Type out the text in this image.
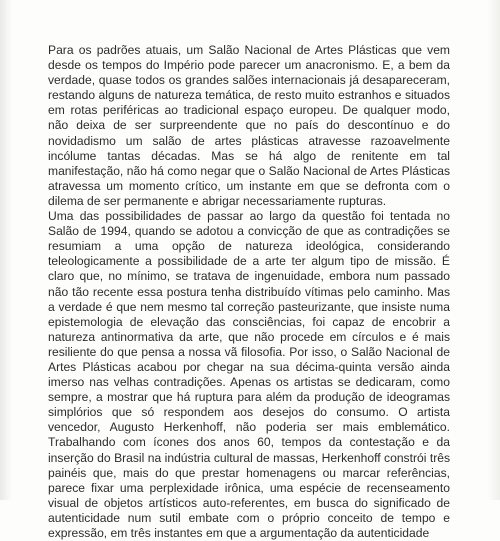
Para os padrões atuais, um Salão Nacional de Artes Plásticas que vem desde os tempos do Império pode parecer um anacronismo. E, a bem da verdade, quase todos os grandes salões internacionais já desapareceram, restando alguns de natureza temática, de resto muito estranhos e situados em rotas periféricas ao tradicional espaço europeu. De qualquer modo, não deixa de ser surpreendente que no país do descontínuo e do novidadismo um salão de artes plásticas atravesse razoavelmente incólume tantas décadas. Mas se há algo de renitente em tal manifestação, não há como negar que o Salão Nacional de Artes Plásticas atravessa um momento crítico, um instante em que se defronta com o dilema de ser permanente e abrigar necessariamente rupturas.

Uma das possibilidades de passar ao largo da questão foi tentada no Salão de 1994, quando se adotou a convicção de que as contradições se resumiam a uma opção de natureza ideológica, considerando teleologicamente a possibilidade de a arte ter algum tipo de missão. É claro que, no mínimo, se tratava de ingenuidade, embora num passado não tão recente essa postura tenha distribuído vítimas pelo caminho. Mas a verdade é que nem mesmo tal correção pasteurizante, que insiste numa epistemologia de elevação das consciências, foi capaz de encobrir a natureza antinormativa da arte, que não procede em círculos e é mais resiliente do que pensa a nossa vã filosofia. Por isso, o Salão Nacional de Artes Plásticas acabou por chegar na sua décima-quinta versão ainda imerso nas velhas contradições. Apenas os artistas se dedicaram, como sempre, a mostrar que há ruptura para além da produção de ideogramas simplórios que só respondem aos desejos do consumo. O artista vencedor, Augusto Herkenhoff, não poderia ser mais emblemático. Trabalhando com ícones dos anos 60, tempos da contestação e da inserção do Brasil na indústria cultural de massas, Herkenhoff constrói três painéis que, mais do que prestar homenagens ou marcar referências, parece fixar uma perplexidade irônica, uma espécie de recenseamento visual de objetos artísticos auto-referentes, em busca do significado de autenticidade num sutil embate com o próprio conceito de tempo e expressão, em três instantes em que a argumentação da autenticidade
